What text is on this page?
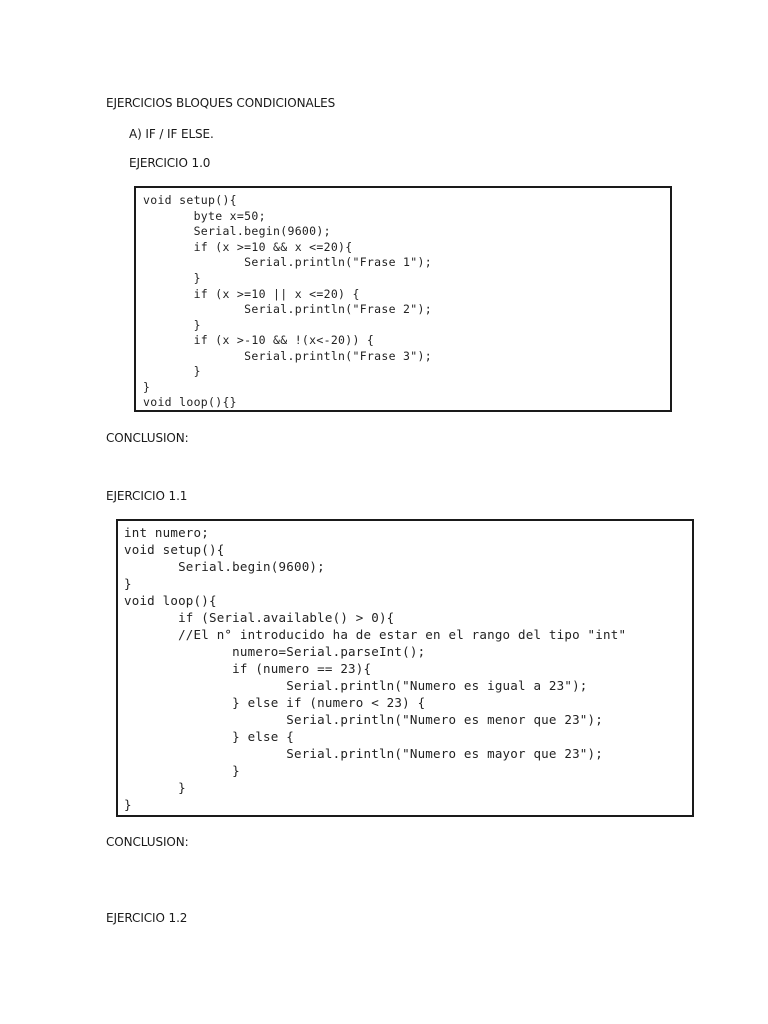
EJERCICIOS BLOQUES CONDICIONALES
A) IF / IF ELSE.
EJERCICIO 1.0
void setup(){
byte x=50;
Serial.begin(9600);
if (x >=10 && x <=20){
Serial.println("Frase 1");
}
if (x >=10 || x <=20) {
Serial.println("Frase 2");
}
if (x >-10 && !(x<-20)) {
Serial.println("Frase 3");
}
}
void loop(){}
CONCLUSION:
EJERCICIO 1.1
int numero;
void setup(){
Serial.begin(9600);
}
void loop(){
if (Serial.available() > 0){
//El n° introducido ha de estar en el rango del tipo "int"
numero=Serial.parseInt();
if (numero == 23){
Serial.println("Numero es igual a 23");
} else if (numero < 23) {
Serial.println("Numero es menor que 23");
} else {
Serial.println("Numero es mayor que 23");
}
}
}
CONCLUSION:
EJERCICIO 1.2
